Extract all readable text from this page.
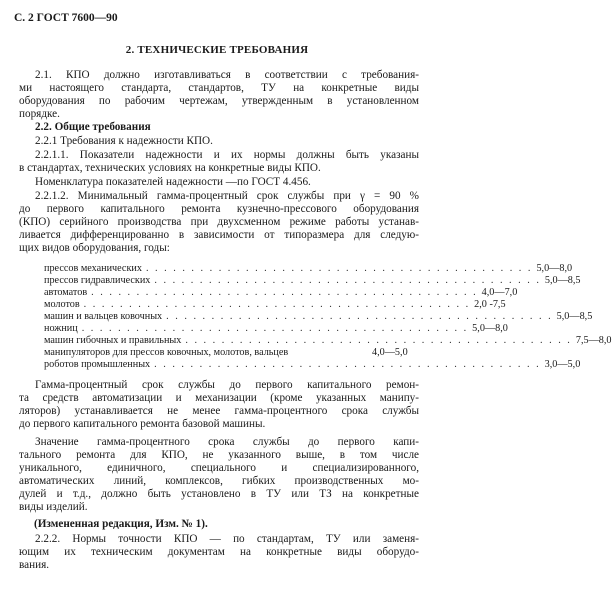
С. 2 ГОСТ 7600—90
2. ТЕХНИЧЕСКИЕ ТРЕБОВАНИЯ
2.1. КПО должно изготавливаться в соответствии с требования-
ми настоящего стандарта, стандартов, ТУ на конкретные виды
оборудования по рабочим чертежам, утвержденным в установленном
порядке.
2.2. Общие требования
2.2.1 Требования к надежности КПО.
2.2.1.1. Показатели надежности и их нормы должны быть указаны
в стандартах, технических условиях на конкретные виды КПО.
Номенклатура показателей надежности —по ГОСТ 4.456.
2.2.1.2. Минимальный гамма-процентный срок службы при γ = 90 %
до первого капитального ремонта кузнечно-прессового оборудования
(КПО) серийного производства при двухсменном режиме работы устанав-
ливается дифференцированно в зависимости от типоразмера для следую-
щих видов оборудования, годы:
прессов механических . . . . . . . . . . . . . . . . . . . . . . . . . . . . . . . . . . . . . . . . . . . 5,0—8,0
прессов гидравлических . . . . . . . . . . . . . . . . . . . . . . . . . . . . . . . . . . . . . . . . . . . 5,0—8,5
автоматов . . . . . . . . . . . . . . . . . . . . . . . . . . . . . . . . . . . . . . . . . . . 4,0—7,0
молотов . . . . . . . . . . . . . . . . . . . . . . . . . . . . . . . . . . . . . . . . . . . 2,0 -7,5
машин и вальцев ковочных . . . . . . . . . . . . . . . . . . . . . . . . . . . . . . . . . . . . . . . . . . . 5,0—8,5
ножниц . . . . . . . . . . . . . . . . . . . . . . . . . . . . . . . . . . . . . . . . . . . 5,0—8,0
машин гибочных и правильных . . . . . . . . . . . . . . . . . . . . . . . . . . . . . . . . . . . . . . . . . . . 7,5—8,0
манипуляторов для прессов ковочных, молотов, вальцев	4,0—5,0
роботов промышленных . . . . . . . . . . . . . . . . . . . . . . . . . . . . . . . . . . . . . . . . . . . 3,0—5,0
Гамма-процентный срок службы до первого капитального ремон-
та средств автоматизации и механизации (кроме указанных манипу-
ляторов) устанавливается не менее гамма-процентного срока службы
до первого капитального ремонта базовой машины.
Значение гамма-процентного срока службы до первого капи-
тального ремонта для КПО, не указанного выше, в том числе
уникального, единичного, специального и специализированного,
автоматических линий, комплексов, гибких производственных мо-
дулей и т.д., должно быть установлено в ТУ или ТЗ на конкретные
виды изделий.
(Измененная редакция, Изм. № 1).
2.2.2. Нормы точности КПО — по стандартам, ТУ или заменя-
ющим их техническим документам на конкретные виды оборудо-
вания.
